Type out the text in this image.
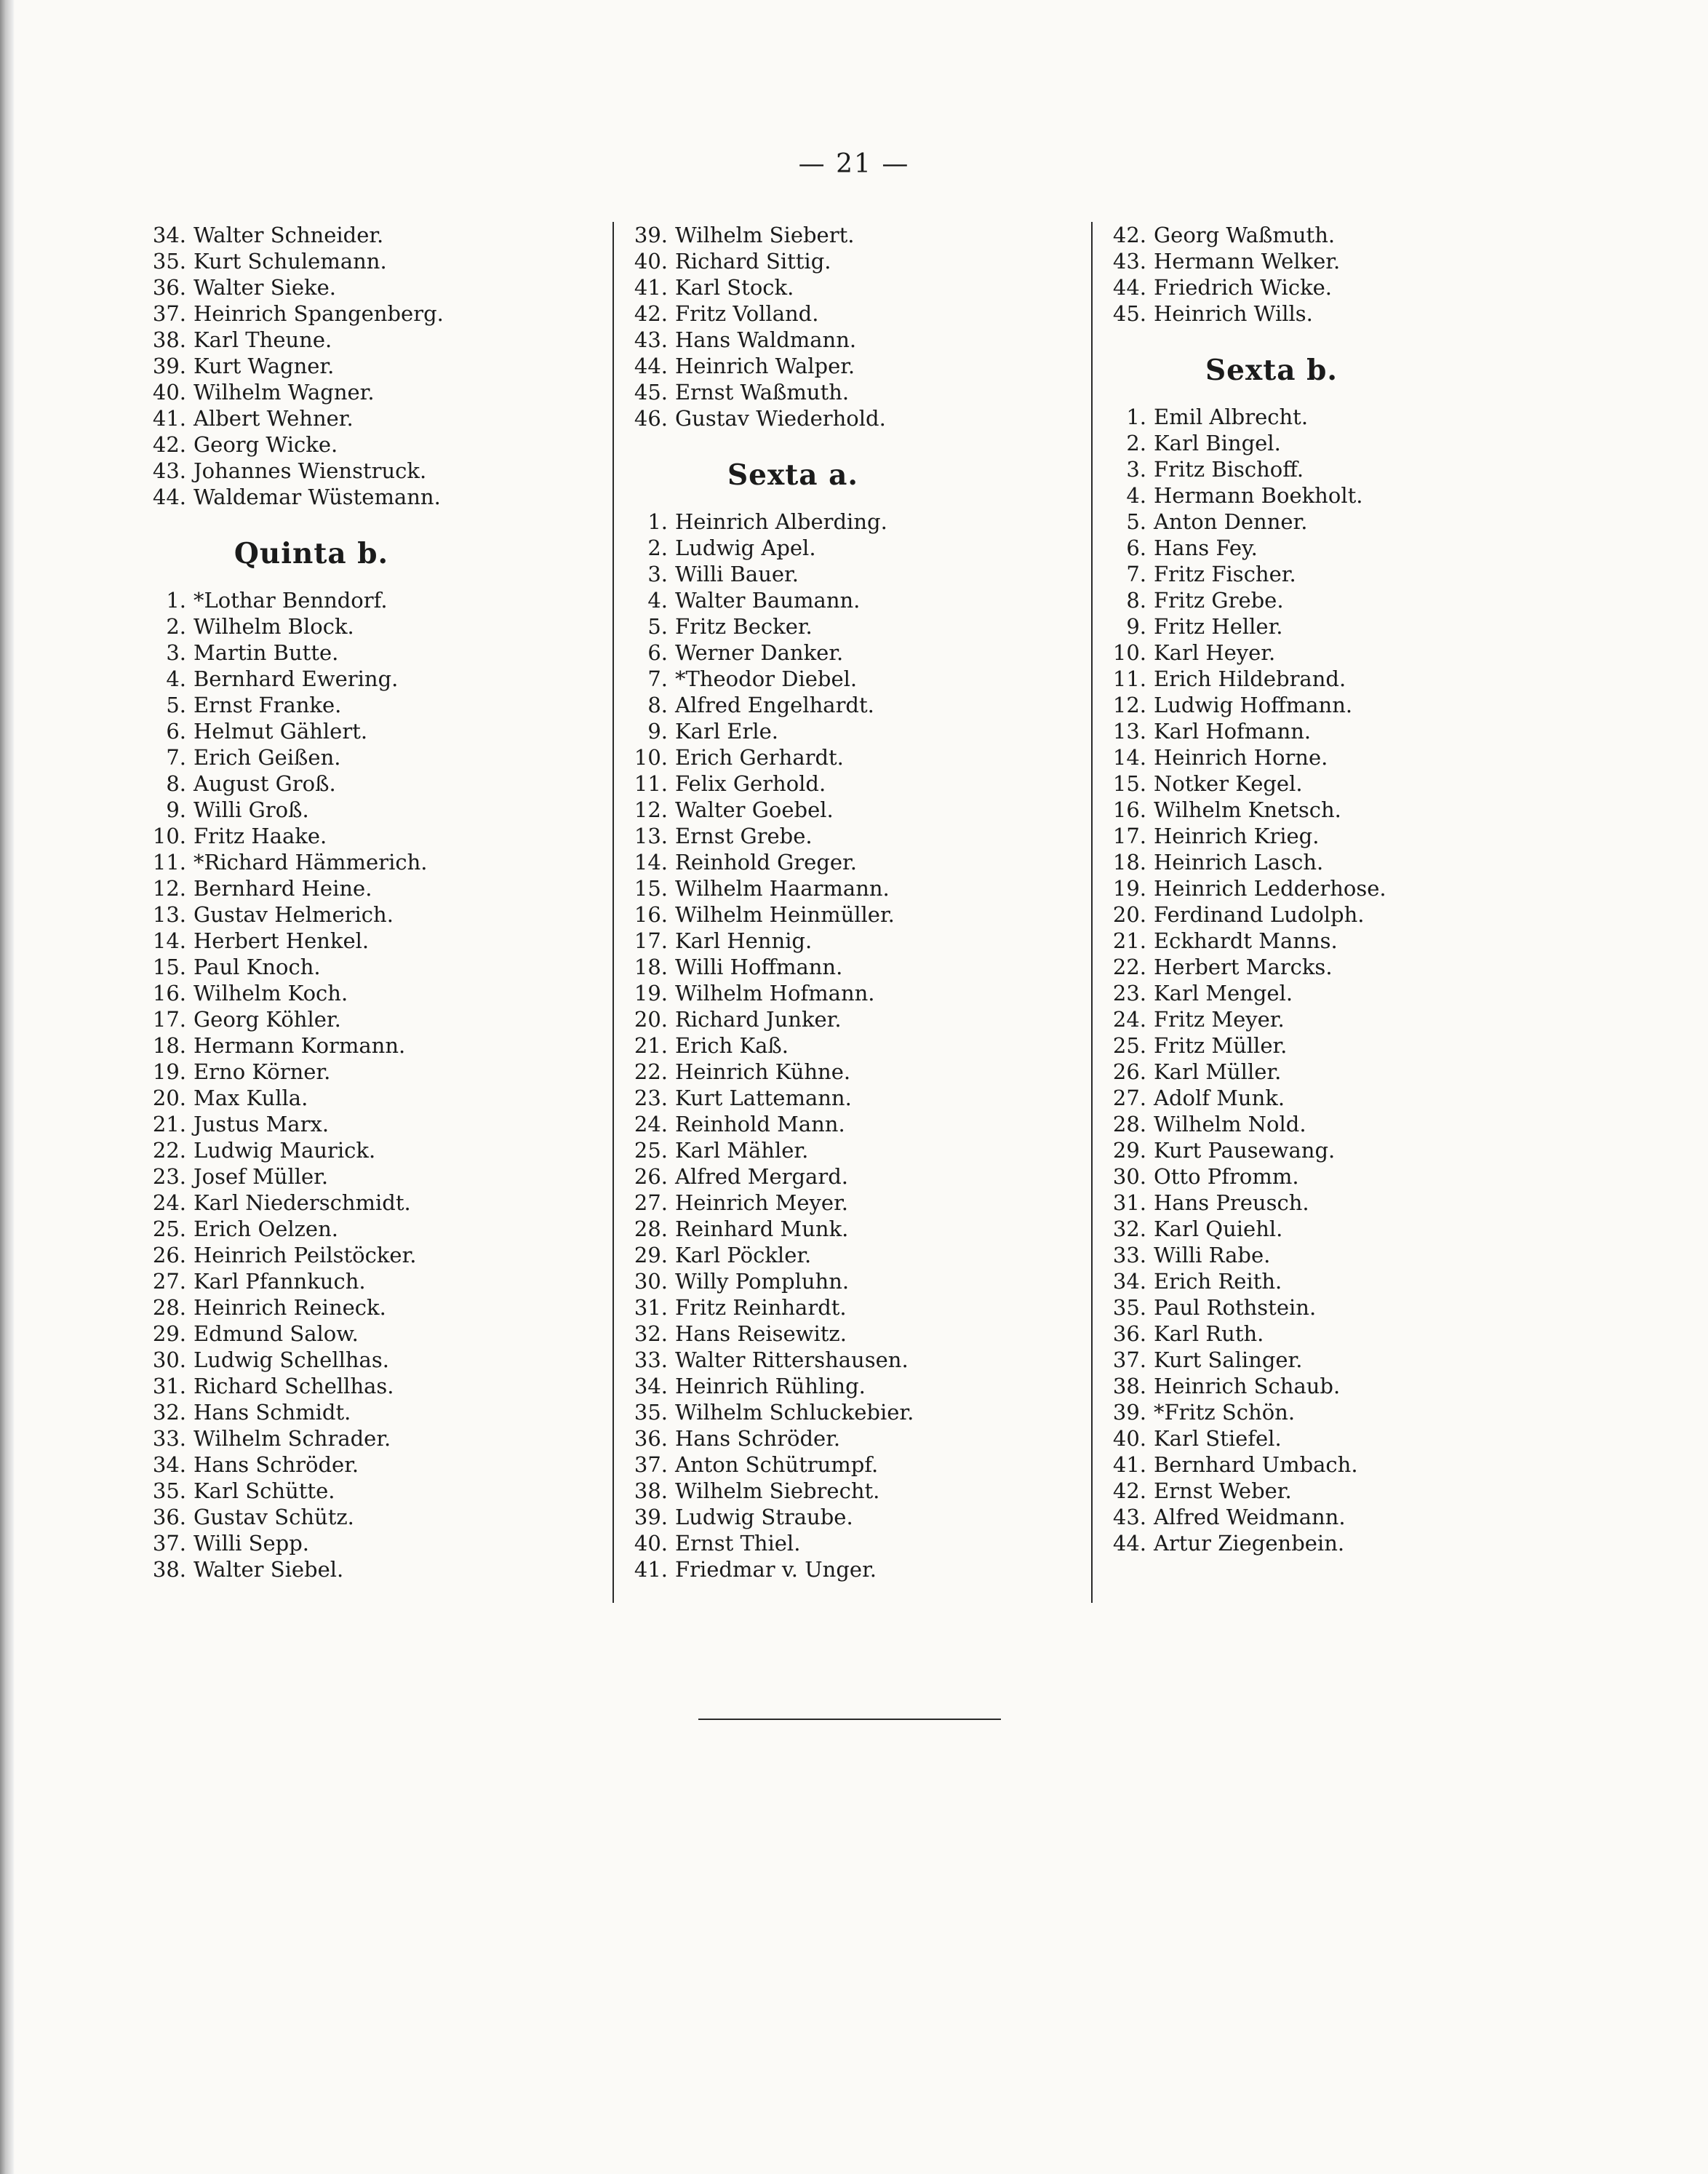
— 21 —
34. Walter Schneider.
35. Kurt Schulemann.
36. Walter Sieke.
37. Heinrich Spangenberg.
38. Karl Theune.
39. Kurt Wagner.
40. Wilhelm Wagner.
41. Albert Wehner.
42. Georg Wicke.
43. Johannes Wienstruck.
44. Waldemar Wüstemann.
Quinta b.
1. *Lothar Benndorf.
2. Wilhelm Block.
3. Martin Butte.
4. Bernhard Ewering.
5. Ernst Franke.
6. Helmut Gählert.
7. Erich Geißen.
8. August Groß.
9. Willi Groß.
10. Fritz Haake.
11. *Richard Hämmerich.
12. Bernhard Heine.
13. Gustav Helmerich.
14. Herbert Henkel.
15. Paul Knoch.
16. Wilhelm Koch.
17. Georg Köhler.
18. Hermann Kormann.
19. Erno Körner.
20. Max Kulla.
21. Justus Marx.
22. Ludwig Maurick.
23. Josef Müller.
24. Karl Niederschmidt.
25. Erich Oelzen.
26. Heinrich Peilstöcker.
27. Karl Pfannkuch.
28. Heinrich Reineck.
29. Edmund Salow.
30. Ludwig Schellhas.
31. Richard Schellhas.
32. Hans Schmidt.
33. Wilhelm Schrader.
34. Hans Schröder.
35. Karl Schütte.
36. Gustav Schütz.
37. Willi Sepp.
38. Walter Siebel.
39. Wilhelm Siebert.
40. Richard Sittig.
41. Karl Stock.
42. Fritz Volland.
43. Hans Waldmann.
44. Heinrich Walper.
45. Ernst Waßmuth.
46. Gustav Wiederhold.
Sexta a.
1. Heinrich Alberding.
2. Ludwig Apel.
3. Willi Bauer.
4. Walter Baumann.
5. Fritz Becker.
6. Werner Danker.
7. *Theodor Diebel.
8. Alfred Engelhardt.
9. Karl Erle.
10. Erich Gerhardt.
11. Felix Gerhold.
12. Walter Goebel.
13. Ernst Grebe.
14. Reinhold Greger.
15. Wilhelm Haarmann.
16. Wilhelm Heinmüller.
17. Karl Hennig.
18. Willi Hoffmann.
19. Wilhelm Hofmann.
20. Richard Junker.
21. Erich Kaß.
22. Heinrich Kühne.
23. Kurt Lattemann.
24. Reinhold Mann.
25. Karl Mähler.
26. Alfred Mergard.
27. Heinrich Meyer.
28. Reinhard Munk.
29. Karl Pöckler.
30. Willy Pompluhn.
31. Fritz Reinhardt.
32. Hans Reisewitz.
33. Walter Rittershausen.
34. Heinrich Rühling.
35. Wilhelm Schluckebier.
36. Hans Schröder.
37. Anton Schütrumpf.
38. Wilhelm Siebrecht.
39. Ludwig Straube.
40. Ernst Thiel.
41. Friedmar v. Unger.
42. Georg Waßmuth.
43. Hermann Welker.
44. Friedrich Wicke.
45. Heinrich Wills.
Sexta b.
1. Emil Albrecht.
2. Karl Bingel.
3. Fritz Bischoff.
4. Hermann Boekholt.
5. Anton Denner.
6. Hans Fey.
7. Fritz Fischer.
8. Fritz Grebe.
9. Fritz Heller.
10. Karl Heyer.
11. Erich Hildebrand.
12. Ludwig Hoffmann.
13. Karl Hofmann.
14. Heinrich Horne.
15. Notker Kegel.
16. Wilhelm Knetsch.
17. Heinrich Krieg.
18. Heinrich Lasch.
19. Heinrich Ledderhose.
20. Ferdinand Ludolph.
21. Eckhardt Manns.
22. Herbert Marcks.
23. Karl Mengel.
24. Fritz Meyer.
25. Fritz Müller.
26. Karl Müller.
27. Adolf Munk.
28. Wilhelm Nold.
29. Kurt Pausewang.
30. Otto Pfromm.
31. Hans Preusch.
32. Karl Quiehl.
33. Willi Rabe.
34. Erich Reith.
35. Paul Rothstein.
36. Karl Ruth.
37. Kurt Salinger.
38. Heinrich Schaub.
39. *Fritz Schön.
40. Karl Stiefel.
41. Bernhard Umbach.
42. Ernst Weber.
43. Alfred Weidmann.
44. Artur Ziegenbein.
